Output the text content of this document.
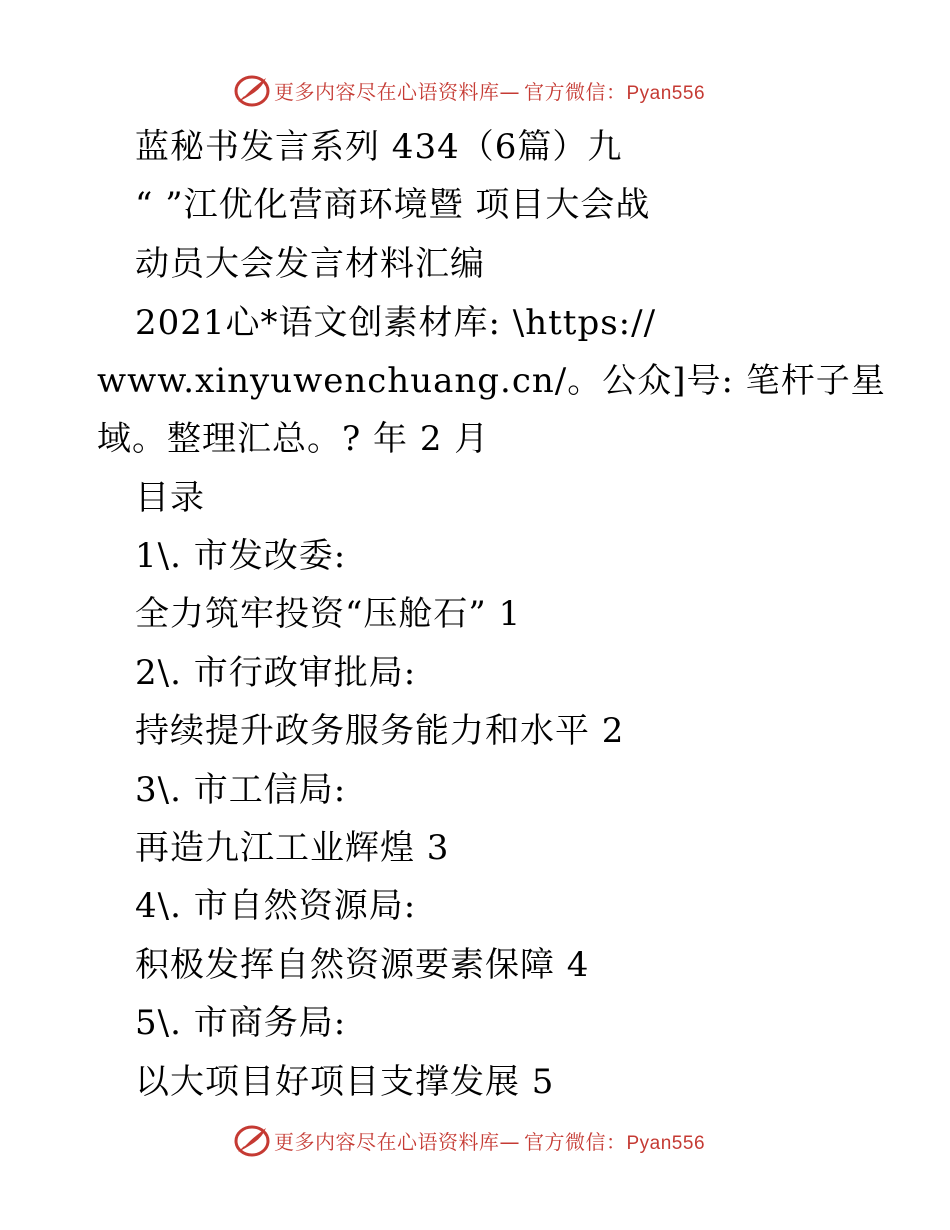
更多内容尽在心语资料库— 官方微信：Pyan556
蓝秘书发言系列 434（6篇）九
“ ”江优化营商环境暨 项目大会战
动员大会发言材料汇编
2021心*语文创素材库: \https://
www.xinyuwenchuang.cn/。公众]号: 笔杆子星
域。整理汇总。? 年 2 月
目录
1\. 市发改委:
全力筑牢投资“压舱石” 1
2\. 市行政审批局:
持续提升政务服务能力和水平 2
3\. 市工信局:
再造九江工业辉煌 3
4\. 市自然资源局:
积极发挥自然资源要素保障 4
5\. 市商务局:
以大项目好项目支撑发展 5
更多内容尽在心语资料库— 官方微信：Pyan556
